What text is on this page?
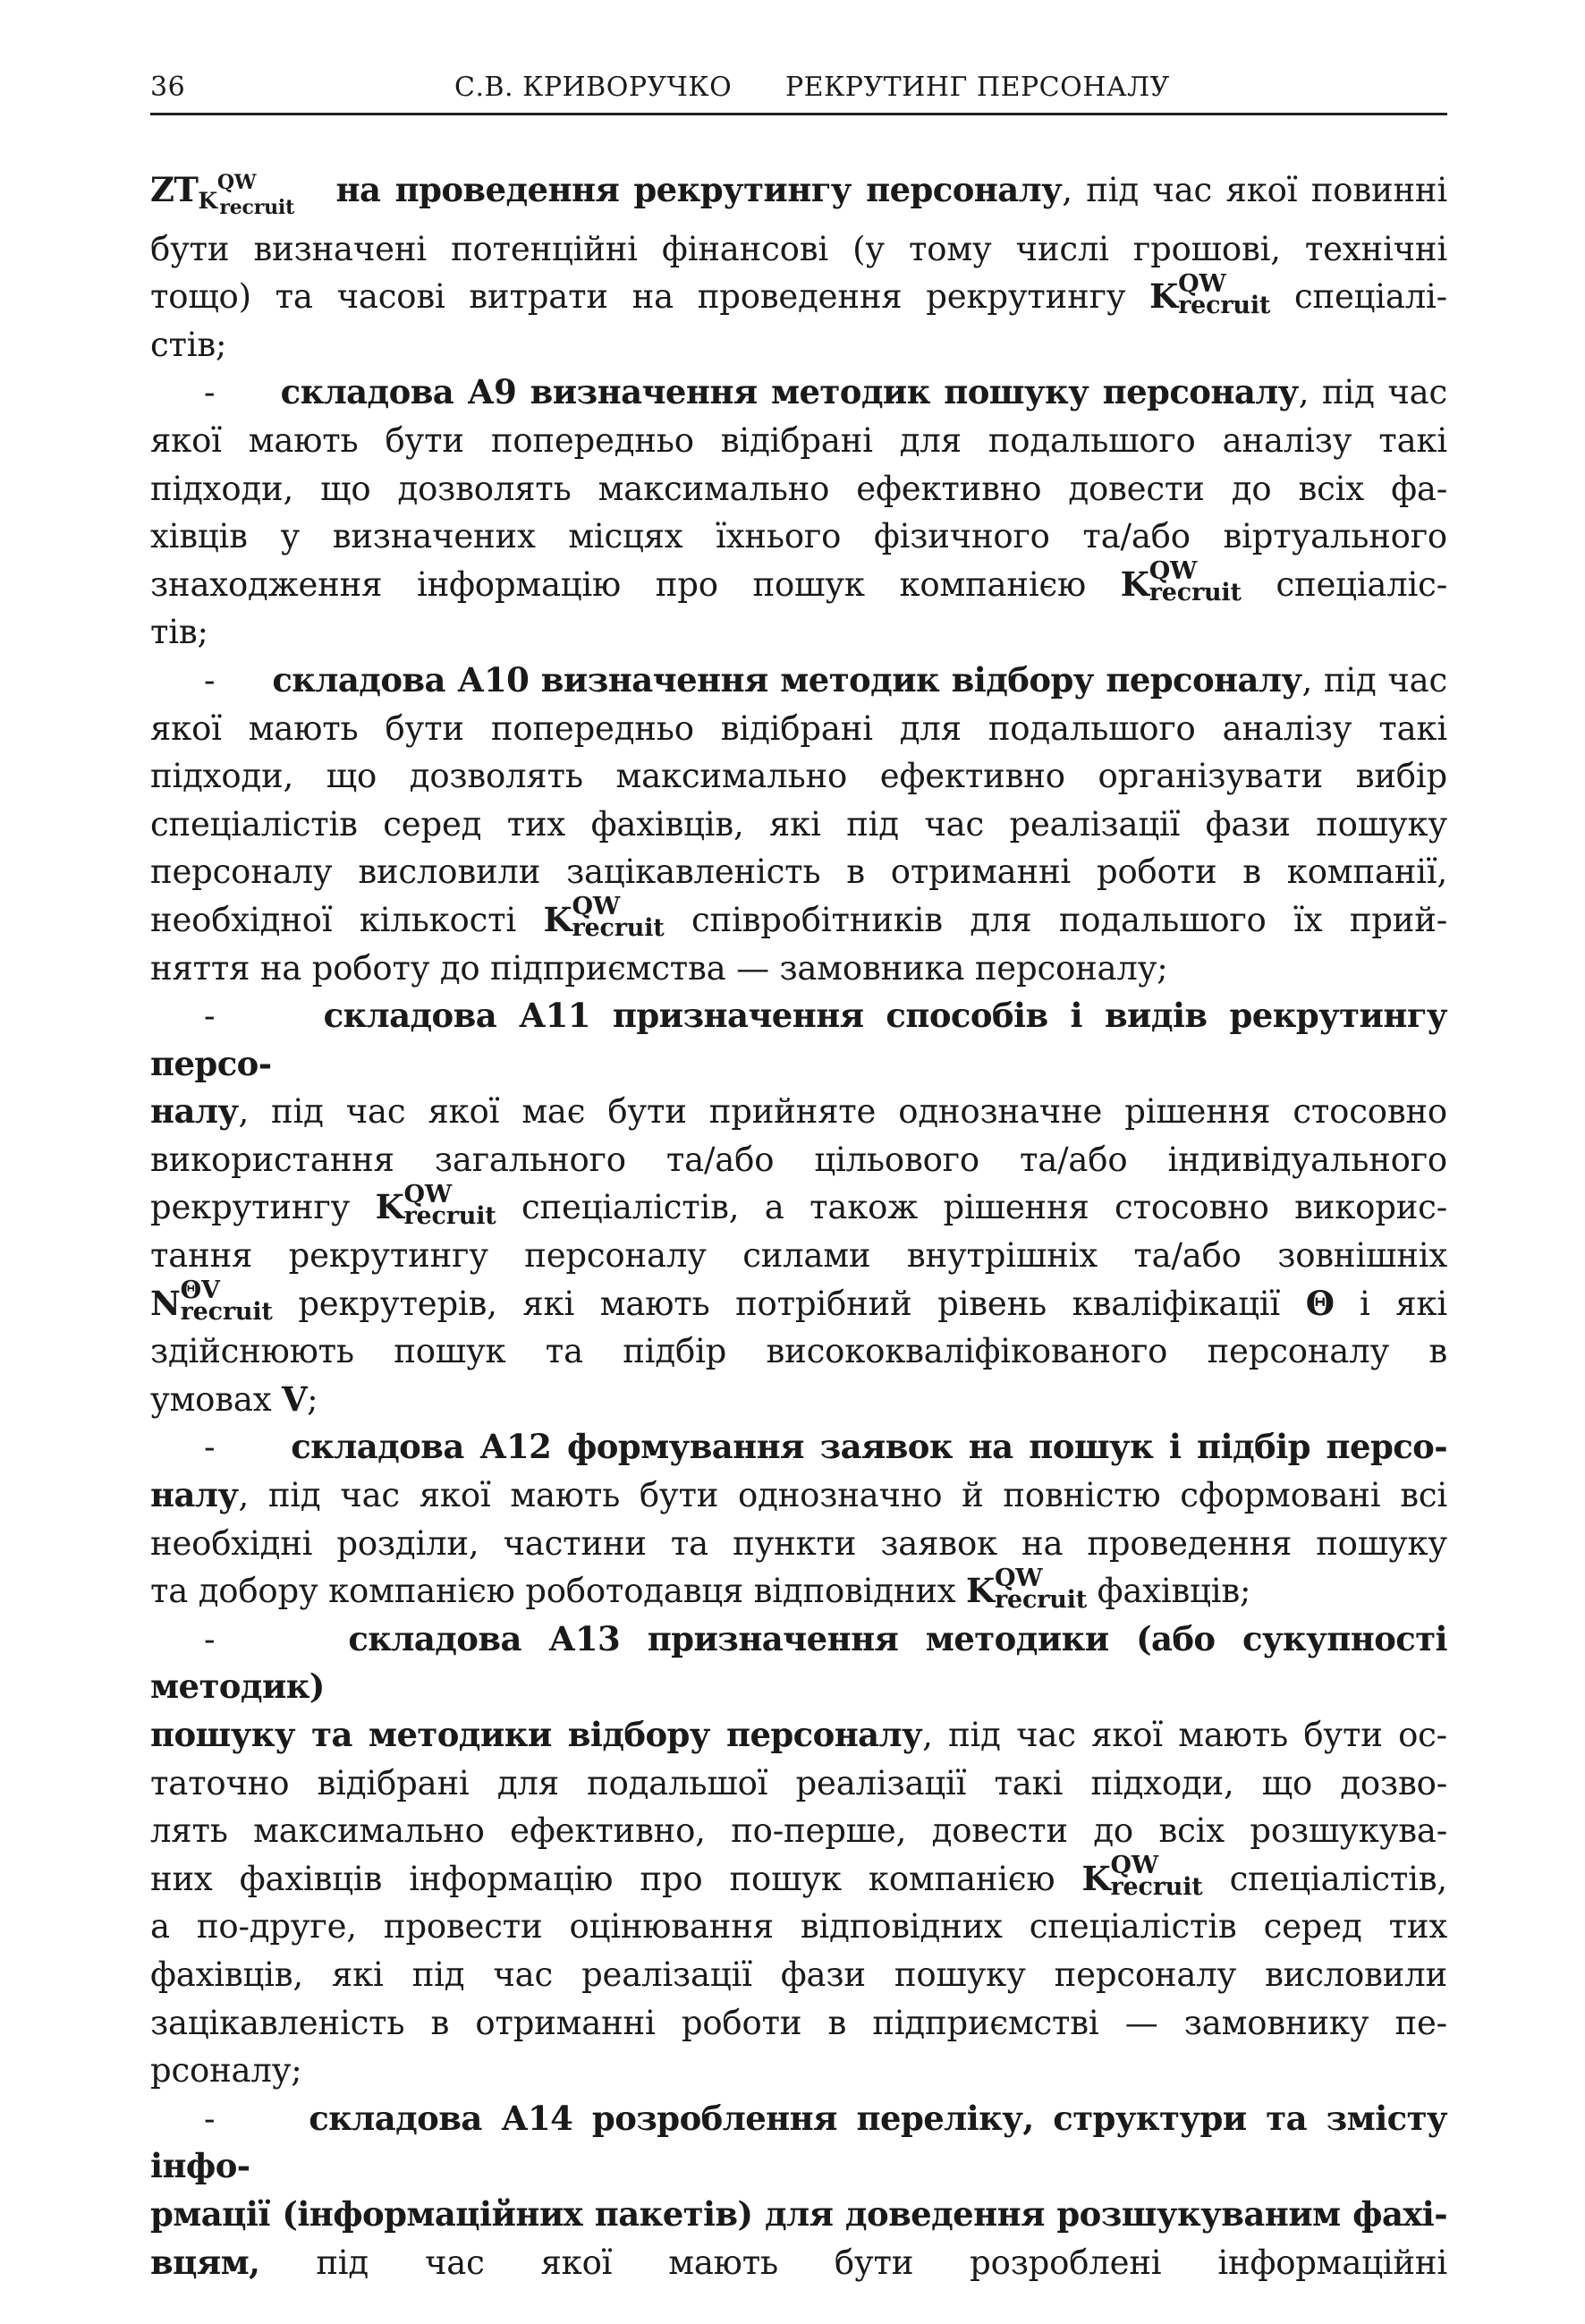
36	С.В. КРИВОРУЧКО РЕКРУТИНГ ПЕРСОНАЛУ

$ZT_K^{QW}_{recruit}$ на проведення рекрутингу персоналу, під час якої повинні

бути визначені потенційні фінансові (у тому числі грошові, технічні

тощо) та часові витрати на проведення рекрутингу K QW
recruit спеціалі-

стів;

- складова А9 визначення методик пошуку персоналу, під час

якої мають бути попередньо відібрані для подальшого аналізу такі

підходи, що дозволять максимально ефективно довести до всіх фа-

хівців у визначених місцях їхнього фізичного та/або віртуального

знаходження інформацію про пошук компанією K QW
recruit спеціаліс-

тів;

- складова А10 визначення методик відбору персоналу, під час

якої мають бути попередньо відібрані для подальшого аналізу такі

підходи, що дозволять максимально ефективно організувати вибір

спеціалістів серед тих фахівців, які під час реалізації фази пошуку

персоналу висловили зацікавленість в отриманні роботи в компанії,

необхідної кількості K QW
recruit співробітників для подальшого їх прий-

няття на роботу до підприємства — замовника персоналу;

-	складова А11 призначення способів і видів рекрутингу персо-

налу, під час якої має бути прийняте однозначне рішення стосовно

використання загального та/або цільового та/або індивідуального

рекрутингу K QW
recruit спеціалістів, а також рішення стосовно викорис-

тання рекрутингу персоналу силами внутрішніх та/або зовнішніх

N ΘV
recruit рекрутерів, які мають потрібний рівень кваліфікації Θ і які

здійснюють пошук та підбір висококваліфікованого персоналу в

умовах V;

- складова А12 формування заявок на пошук і підбір персо-

налу, під час якої мають бути однозначно й повністю сформовані всі

необхідні розділи, частини та пункти заявок на проведення пошуку

та добору компанією роботодавця відповідних K QW
recruit фахівців;

-	складова А13 призначення методики (або сукупності методик)

пошуку та методики відбору персоналу, під час якої мають бути ос-

таточно відібрані для подальшої реалізації такі підходи, що дозво-

лять максимально ефективно, по-перше, довести до всіх розшукува-

них фахівців інформацію про пошук компанією K QW
recruit спеціалістів,

а по-друге, провести оцінювання відповідних спеціалістів серед тих

фахівців, які під час реалізації фази пошуку персоналу висловили

зацікавленість в отриманні роботи в підприємстві — замовнику пе-

рсоналу;

-	складова А14 розроблення переліку, структури та змісту інфо-

рмації (інформаційних пакетів) для доведення розшукуваним фахі-

вцям, під час якої мають бути розроблені інформаційні
